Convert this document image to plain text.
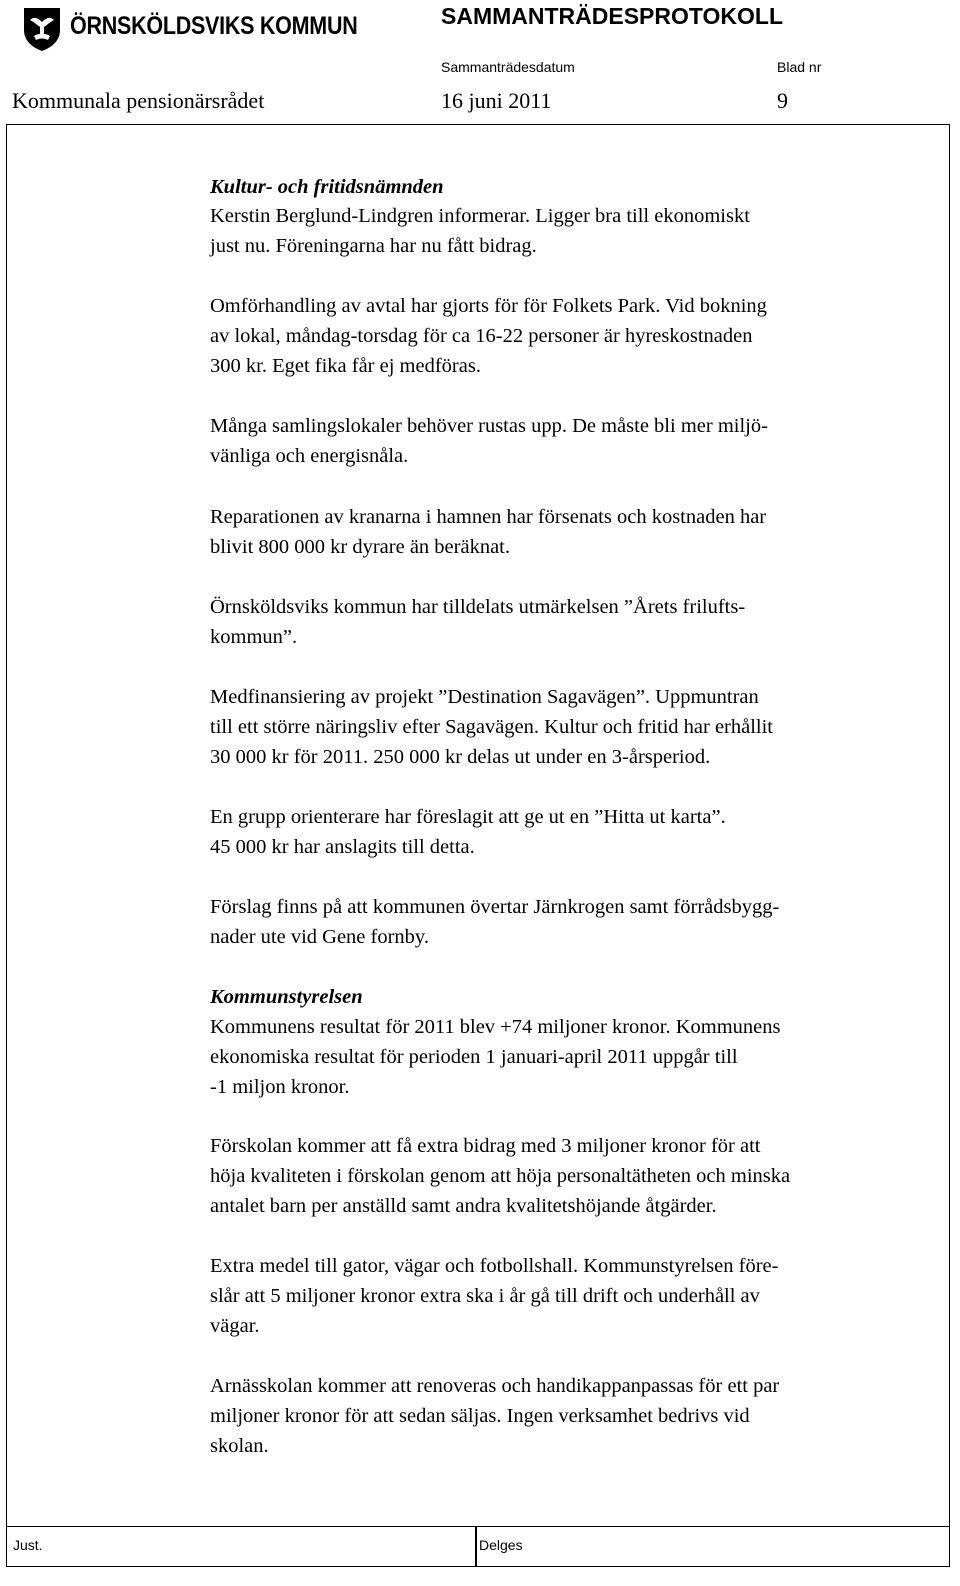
ÖRNSKÖLDSVIKS KOMMUN	SAMMANTRÄDESPROTOKOLL
Sammanträdesdatum	Blad nr
Kommunala pensionärsrådet	16 juni 2011	9
Kultur- och fritidsnämnden
Kerstin Berglund-Lindgren informerar. Ligger bra till ekonomiskt
just nu. Föreningarna har nu fått bidrag.
Omförhandling av avtal har gjorts för för Folkets Park. Vid bokning
av lokal, måndag-torsdag för ca 16-22 personer är hyreskostnaden
300 kr. Eget fika får ej medföras.
Många samlingslokaler behöver rustas upp. De måste bli mer miljö-
vänliga och energisnåla.
Reparationen av kranarna i hamnen har försenats och kostnaden har
blivit 800 000 kr dyrare än beräknat.
Örnsköldsviks kommun har tilldelats utmärkelsen ”Årets frilufts-
kommun”.
Medfinansiering av projekt ”Destination Sagavägen”. Uppmuntran
till ett större näringsliv efter Sagavägen. Kultur och fritid har erhållit
30 000 kr för 2011. 250 000 kr delas ut under en 3-årsperiod.
En grupp orienterare har föreslagit att ge ut en ”Hitta ut karta”.
45 000 kr har anslagits till detta.
Förslag finns på att kommunen övertar Järnkrogen samt förrådsbygg-
nader ute vid Gene fornby.
Kommunstyrelsen
Kommunens resultat för 2011 blev +74 miljoner kronor. Kommunens
ekonomiska resultat för perioden 1 januari-april 2011 uppgår till
-1 miljon kronor.
Förskolan kommer att få extra bidrag med 3 miljoner kronor för att
höja kvaliteten i förskolan genom att höja personaltätheten och minska
antalet barn per anställd samt andra kvalitetshöjande åtgärder.
Extra medel till gator, vägar och fotbollshall. Kommunstyrelsen före-
slår att 5 miljoner kronor extra ska i år gå till drift och underhåll av
vägar.
Arnässkolan kommer att renoveras och handikappanpassas för ett par
miljoner kronor för att sedan säljas. Ingen verksamhet bedrivs vid
skolan.
Just.	Delges
